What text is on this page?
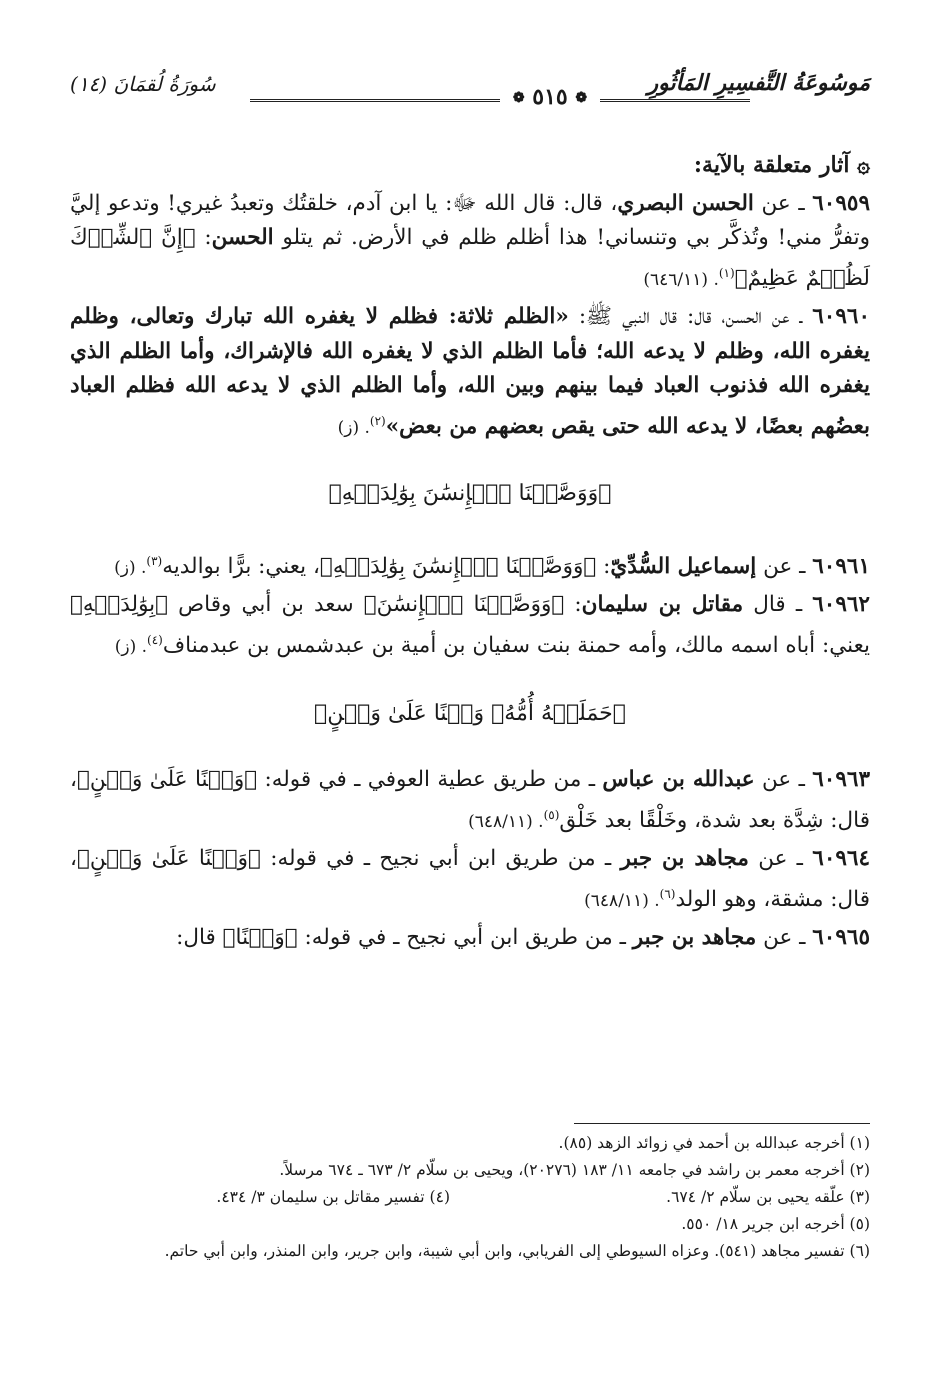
مَوسُوعَةُ التَّفسِيرِ المَأثُورِ
❁ ٥١٥ ❁
سُورَةُ لُقمَانَ (١٤)

۞ آثار متعلقة بالآية:

٦٠٩٥٩ ـ عن الحسن البصري، قال: قال الله ﷻ: يا ابن آدم، خلقتُك وتعبدُ غيري! وتدعو إليَّ وتفرُّ مني! وتُذكَّر بي وتنساني! هذا أظلم ظلم في الأرض. ثم يتلو الحسن: ﴿إِنَّ ٱلشِّرۡكَ لَظُلۡمٌ عَظِيمٌ﴾$^{(١)}$. (٦٤٦/١١)

٦٠٩٦٠ ـ عن الحسن، قال: قال النبي ﷺ: «الظلم ثلاثة: فظلم لا يغفره الله تبارك وتعالى، وظلم يغفره الله، وظلم لا يدعه الله؛ فأما الظلم الذي لا يغفره الله فالإشراك، وأما الظلم الذي يغفره الله فذنوب العباد فيما بينهم وبين الله، وأما الظلم الذي لا يدعه الله فظلم العباد بعضُهم بعضًا، لا يدعه الله حتى يقص بعضهم من بعض»$^{(٢)}$. (ز)

﴿وَوَصَّيۡنَا ٱلۡإِنسَٰنَ بِوَٰلِدَيۡهِ﴾

٦٠٩٦١ ـ عن إسماعيل السُّدِّيّ: ﴿وَوَصَّيۡنَا ٱلۡإِنسَٰنَ بِوَٰلِدَيۡهِ﴾، يعني: برًّا بوالديه$^{(٣)}$. (ز)

٦٠٩٦٢ ـ قال مقاتل بن سليمان: ﴿وَوَصَّيۡنَا ٱلۡإِنسَٰنَ﴾ سعد بن أبي وقاص ﴿بِوَٰلِدَيۡهِ﴾ يعني: أباه اسمه مالك، وأمه حمنة بنت سفيان بن أمية بن عبدشمس بن عبدمناف$^{(٤)}$. (ز)

﴿حَمَلَتۡهُ أُمُّهُۥ وَهۡنًا عَلَىٰ وَهۡنٍ﴾

٦٠٩٦٣ ـ عن عبدالله بن عباس ـ من طريق عطية العوفي ـ في قوله: ﴿وَهۡنًا عَلَىٰ وَهۡنٍ﴾، قال: شِدَّة بعد شدة، وخَلْقًا بعد خَلْق$^{(٥)}$. (٦٤٨/١١)

٦٠٩٦٤ ـ عن مجاهد بن جبر ـ من طريق ابن أبي نجيح ـ في قوله: ﴿وَهۡنًا عَلَىٰ وَهۡنٍ﴾، قال: مشقة، وهو الولد$^{(٦)}$. (٦٤٨/١١)

٦٠٩٦٥ ـ عن مجاهد بن جبر ـ من طريق ابن أبي نجيح ـ في قوله: ﴿وَهۡنًا﴾ قال:

(١) أخرجه عبدالله بن أحمد في زوائد الزهد (٨٥).
(٢) أخرجه معمر بن راشد في جامعه ١١/ ١٨٣ (٢٠٢٧٦)، ويحيى بن سلّام ٢/ ٦٧٣ ـ ٦٧٤ مرسلاً.
(٣) علّقه يحيى بن سلّام ٢/ ٦٧٤.
(٤) تفسير مقاتل بن سليمان ٣/ ٤٣٤.
(٥) أخرجه ابن جرير ١٨/ ٥٥٠.
(٦) تفسير مجاهد (٥٤١). وعزاه السيوطي إلى الفريابي، وابن أبي شيبة، وابن جرير، وابن المنذر، وابن أبي حاتم.
